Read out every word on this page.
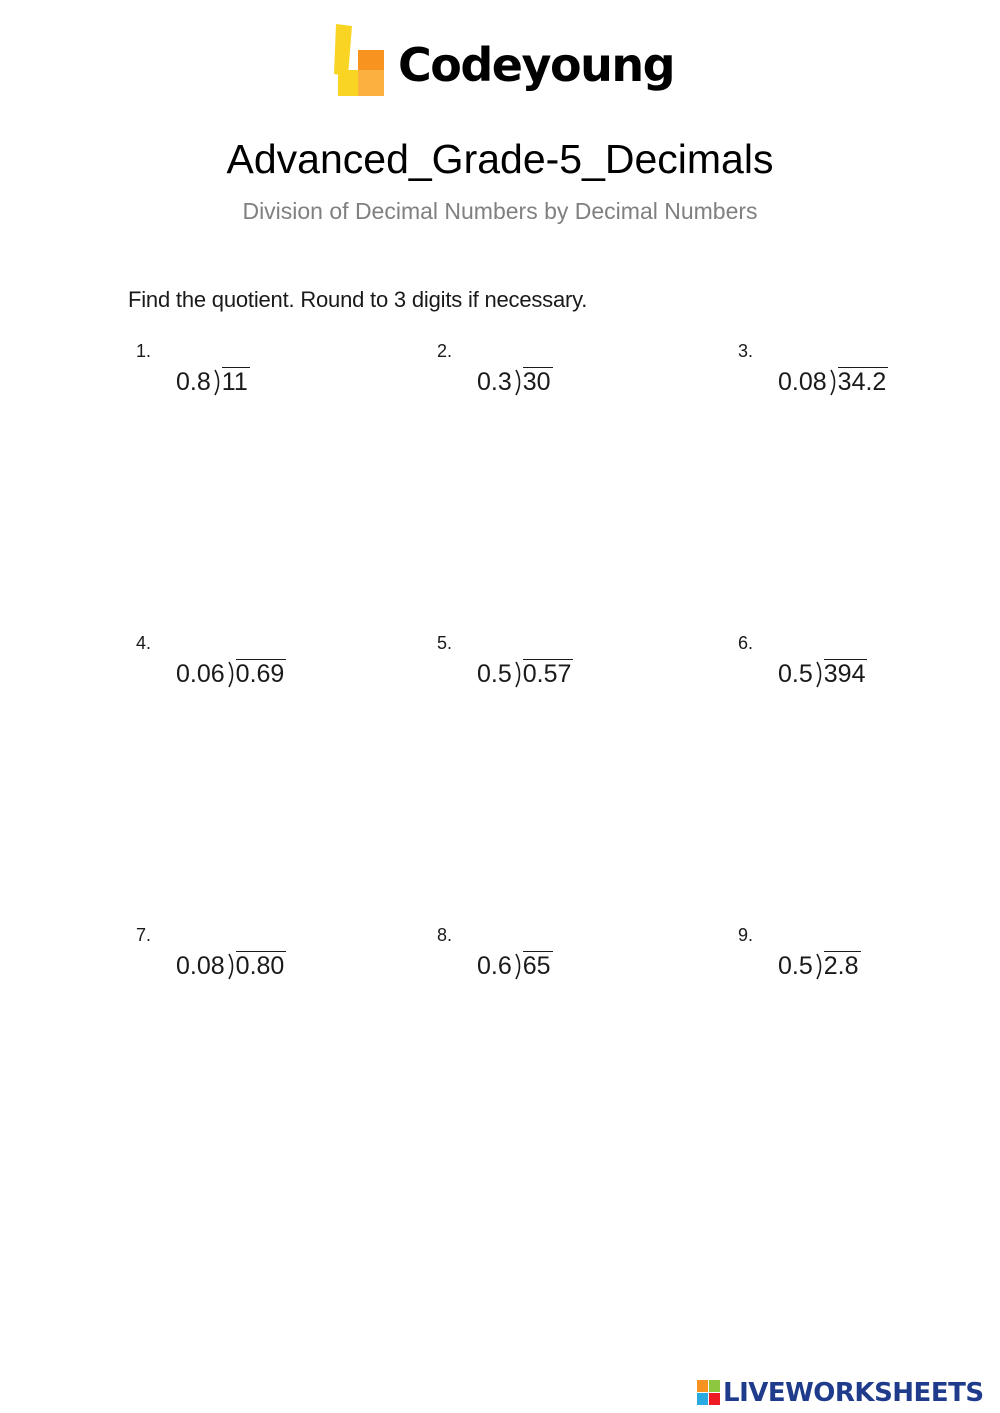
Codeyoung
Advanced_Grade-5_Decimals
Division of Decimal Numbers by Decimal Numbers
Find the quotient. Round to 3 digits if necessary.
1.
0.8 11
2.
0.3 30
3.
0.08 34.2
4.
0.06 0.69
5.
0.5 0.57
6.
0.5 394
7.
0.08 0.80
8.
0.6 65
9.
0.5 2.8
LIVEWORKSHEETS
